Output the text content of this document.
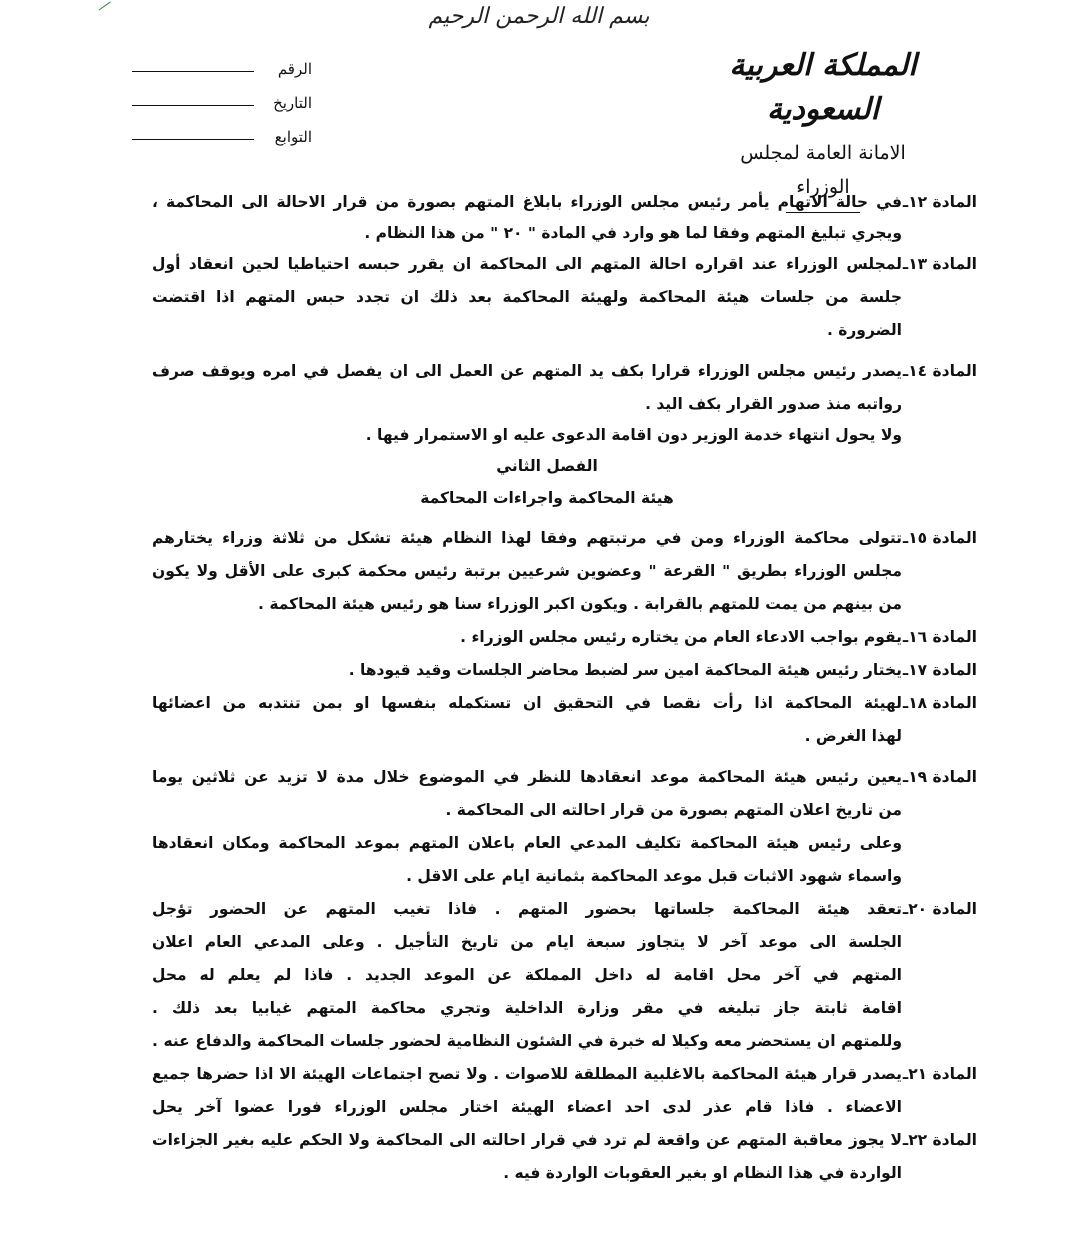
بسم الله الرحمن الرحيم
المملكة العربية السعودية
الامانة العامة لمجلس الوزراء
الرقم
التاريخ
التوابع
المادة ١٢ـ
في حالة الاتهام يأمر رئيس مجلس الوزراء بابلاغ المتهم بصورة من قرار الاحالة الى المحاكمة ،
ويجري تبليغ المتهم وفقا لما هو وارد في المادة " ٢٠ " من هذا النظام .
المادة ١٣ـ
لمجلس الوزراء عند اقراره احالة المتهم الى المحاكمة ان يقرر حبسه احتياطيا لحين انعقاد أول
جلسة من جلسات هيئة المحاكمة ولهيئة المحاكمة بعد ذلك ان تجدد حبس المتهم اذا اقتضت
الضرورة .
المادة ١٤ـ
يصدر رئيس مجلس الوزراء قرارا بكف يد المتهم عن العمل الى ان يفصل في امره ويوقف صرف
رواتبه منذ صدور القرار بكف اليد .
ولا يحول انتهاء خدمة الوزير دون اقامة الدعوى عليه او الاستمرار فيها .
الفصل الثاني
هيئة المحاكمة واجراءات المحاكمة
المادة ١٥ـ
تتولى محاكمة الوزراء ومن في مرتبتهم وفقا لهذا النظام هيئة تشكل من ثلاثة وزراء يختارهم
مجلس الوزراء بطريق " القرعة " وعضوين شرعيين برتبة رئيس محكمة كبرى على الأقل ولا يكون
من بينهم من يمت للمتهم بالقرابة . ويكون اكبر الوزراء سنا هو رئيس هيئة المحاكمة .
المادة ١٦ـ
يقوم بواجب الادعاء العام من يختاره رئيس مجلس الوزراء .
المادة ١٧ـ
يختار رئيس هيئة المحاكمة امين سر لضبط محاضر الجلسات وقيد قيودها .
المادة ١٨ـ
لهيئة المحاكمة اذا رأت نقصا في التحقيق ان تستكمله بنفسها او بمن تنتدبه من اعضائها
لهذا الغرض .
المادة ١٩ـ
يعين رئيس هيئة المحاكمة موعد انعقادها للنظر في الموضوع خلال مدة لا تزيد عن ثلاثين يوما
من تاريخ اعلان المتهم بصورة من قرار احالته الى المحاكمة .
وعلى رئيس هيئة المحاكمة تكليف المدعي العام باعلان المتهم بموعد المحاكمة ومكان انعقادها
واسماء شهود الاثبات قبل موعد المحاكمة بثمانية ايام على الاقل .
المادة ٢٠ـ
تعقد هيئة المحاكمة جلساتها بحضور المتهم . فاذا تغيب المتهم عن الحضور تؤجل
الجلسة الى موعد آخر لا يتجاوز سبعة ايام من تاريخ التأجيل . وعلى المدعي العام اعلان
المتهم في آخر محل اقامة له داخل المملكة عن الموعد الجديد . فاذا لم يعلم له محل
اقامة ثابتة جاز تبليغه في مقر وزارة الداخلية وتجري محاكمة المتهم غيابيا بعد ذلك .
وللمتهم ان يستحضر معه وكيلا له خبرة في الشئون النظامية لحضور جلسات المحاكمة والدفاع عنه .
المادة ٢١ـ
يصدر قرار هيئة المحاكمة بالاغلبية المطلقة للاصوات . ولا تصح اجتماعات الهيئة الا اذا حضرها جميع
الاعضاء . فاذا قام عذر لدى احد اعضاء الهيئة اختار مجلس الوزراء فورا عضوا آخر يحل
المادة ٢٢ـ
لا يجوز معاقبة المتهم عن واقعة لم ترد في قرار احالته الى المحاكمة ولا الحكم عليه بغير الجزاءات
الواردة في هذا النظام او بغير العقوبات الواردة فيه .
